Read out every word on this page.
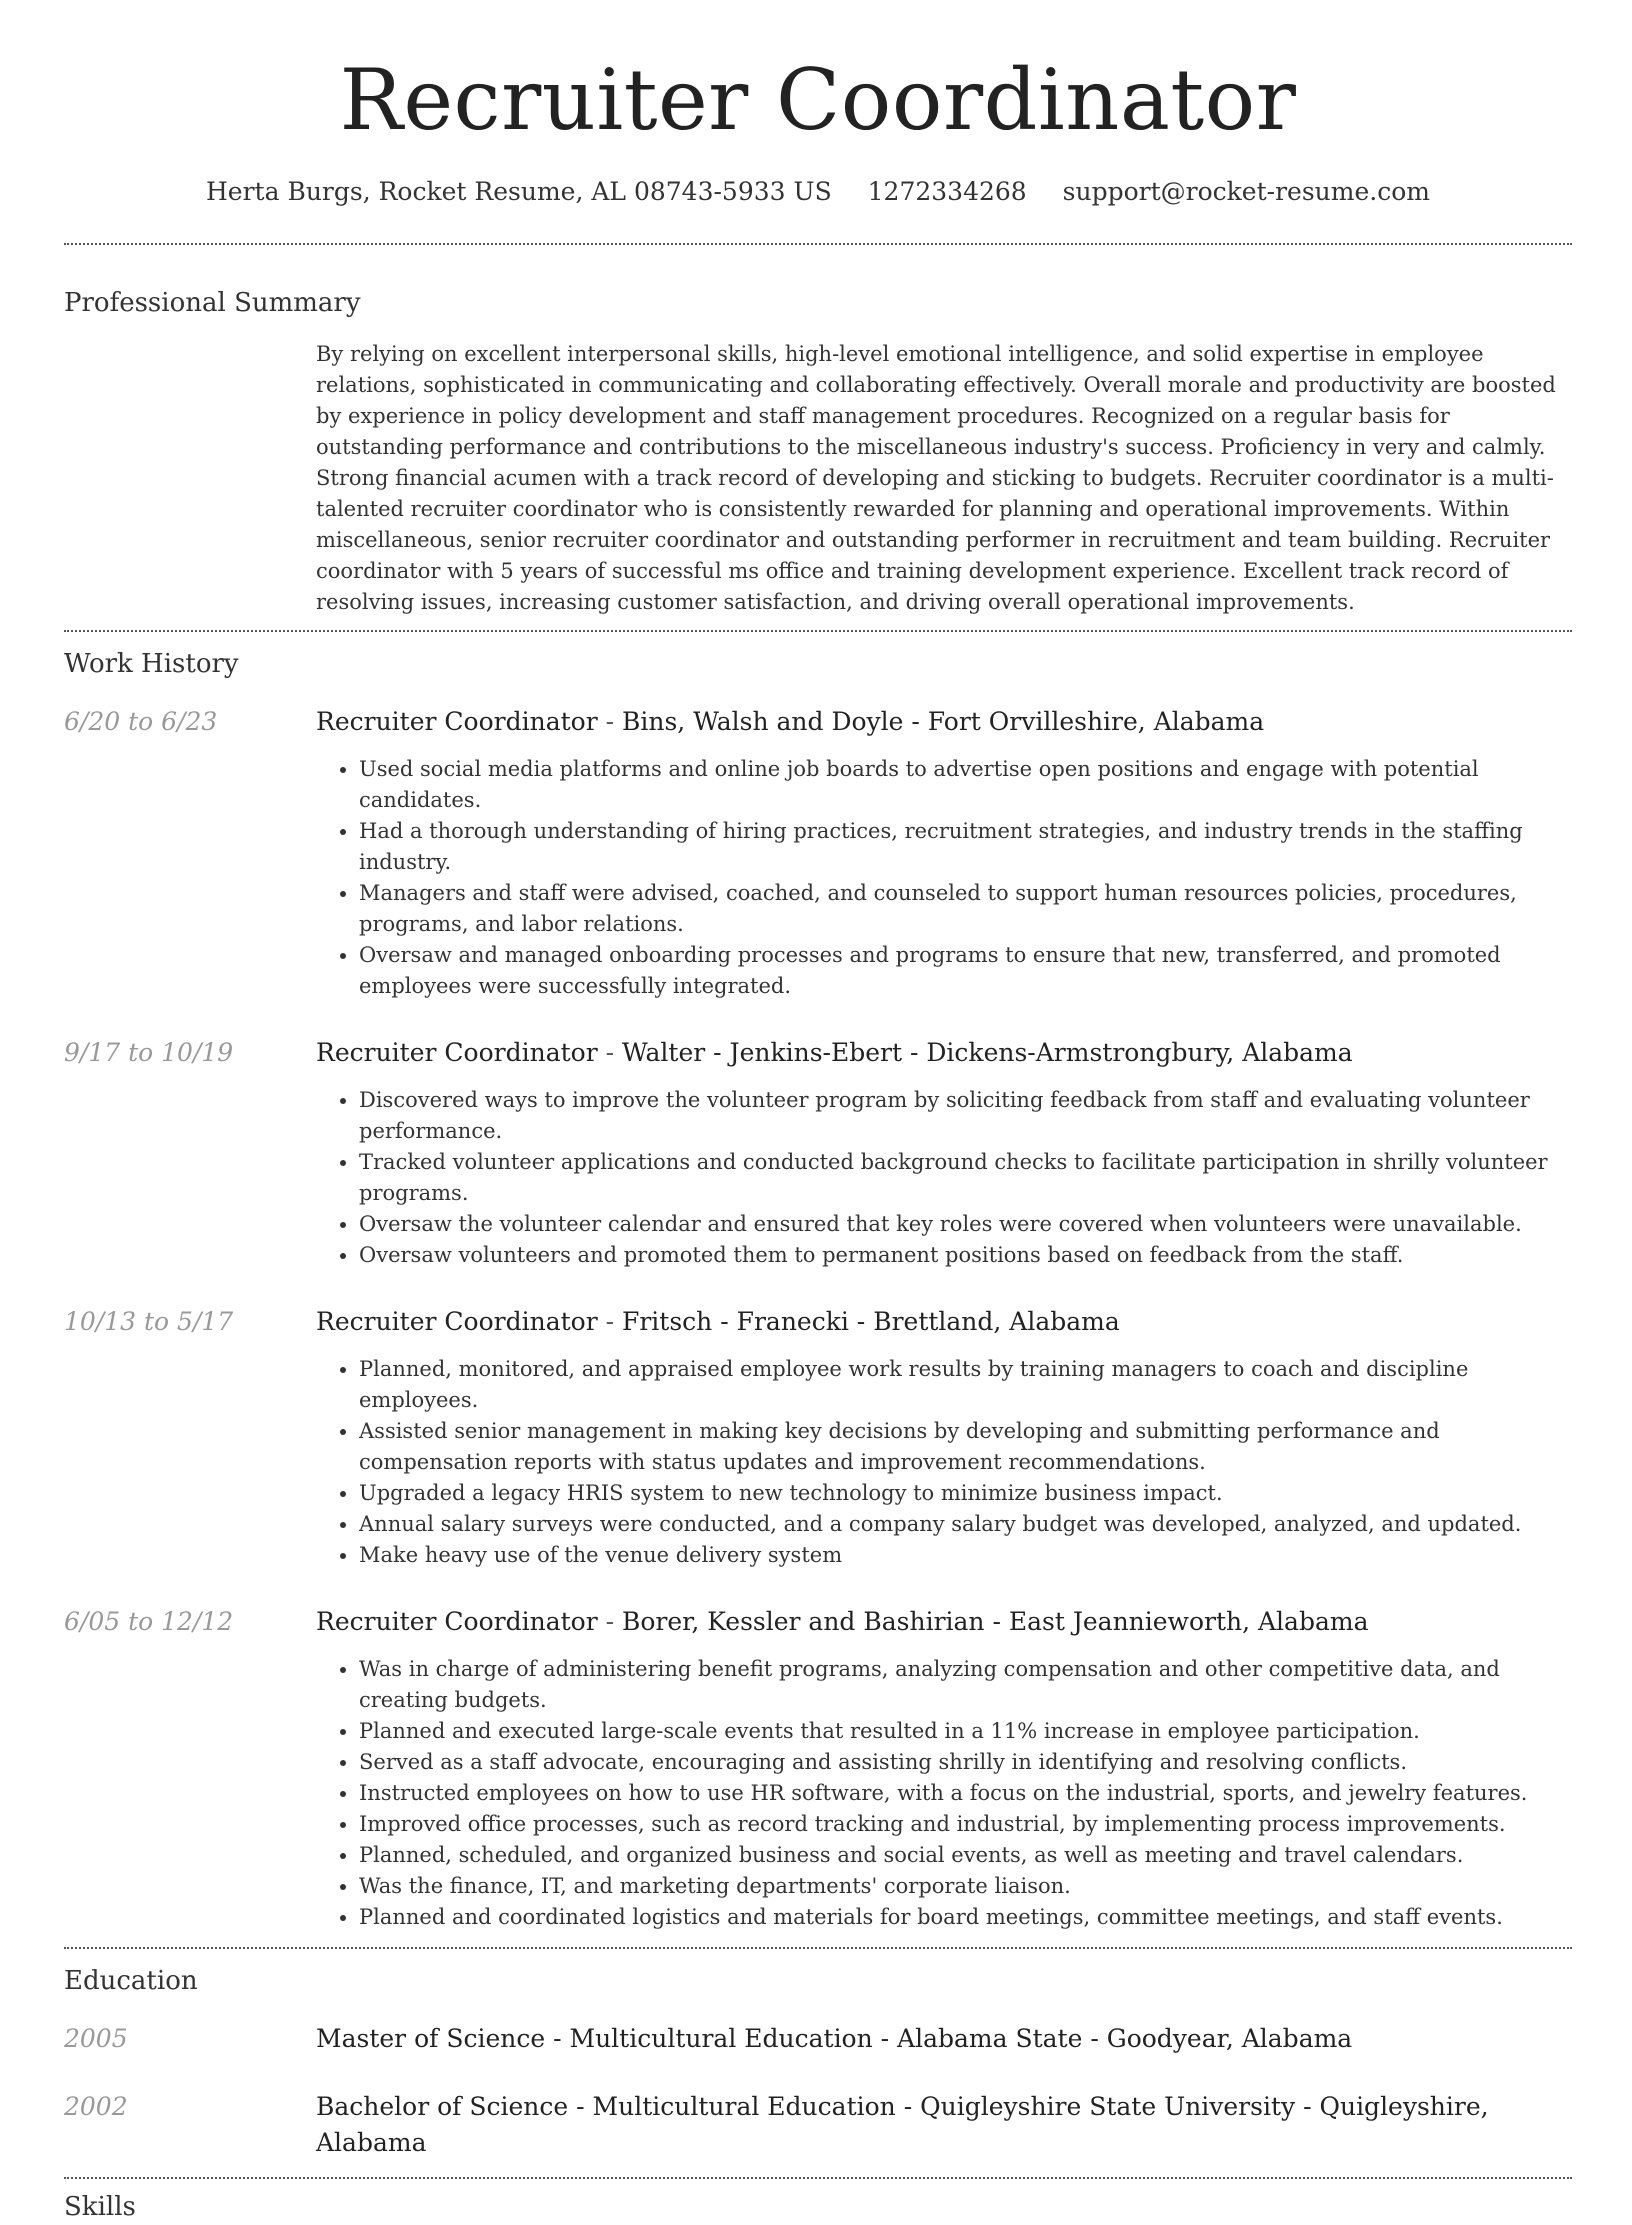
Recruiter Coordinator
Herta Burgs, Rocket Resume, AL 08743-5933 US 1272334268 support@rocket-resume.com
Professional Summary
By relying on excellent interpersonal skills, high-level emotional intelligence, and solid expertise in employee relations, sophisticated in communicating and collaborating effectively. Overall morale and productivity are boosted by experience in policy development and staff management procedures. Recognized on a regular basis for outstanding performance and contributions to the miscellaneous industry's success. Proficiency in very and calmly. Strong financial acumen with a track record of developing and sticking to budgets. Recruiter coordinator is a multi-talented recruiter coordinator who is consistently rewarded for planning and operational improvements. Within miscellaneous, senior recruiter coordinator and outstanding performer in recruitment and team building. Recruiter coordinator with 5 years of successful ms office and training development experience. Excellent track record of resolving issues, increasing customer satisfaction, and driving overall operational improvements.
Work History
6/20 to 6/23	Recruiter Coordinator - Bins, Walsh and Doyle - Fort Orvilleshire, Alabama
• Used social media platforms and online job boards to advertise open positions and engage with potential candidates.
• Had a thorough understanding of hiring practices, recruitment strategies, and industry trends in the staffing industry.
• Managers and staff were advised, coached, and counseled to support human resources policies, procedures, programs, and labor relations.
• Oversaw and managed onboarding processes and programs to ensure that new, transferred, and promoted employees were successfully integrated.
9/17 to 10/19	Recruiter Coordinator - Walter - Jenkins-Ebert - Dickens-Armstrongbury, Alabama
• Discovered ways to improve the volunteer program by soliciting feedback from staff and evaluating volunteer performance.
• Tracked volunteer applications and conducted background checks to facilitate participation in shrilly volunteer programs.
• Oversaw the volunteer calendar and ensured that key roles were covered when volunteers were unavailable.
• Oversaw volunteers and promoted them to permanent positions based on feedback from the staff.
10/13 to 5/17	Recruiter Coordinator - Fritsch - Franecki - Brettland, Alabama
• Planned, monitored, and appraised employee work results by training managers to coach and discipline employees.
• Assisted senior management in making key decisions by developing and submitting performance and compensation reports with status updates and improvement recommendations.
• Upgraded a legacy HRIS system to new technology to minimize business impact.
• Annual salary surveys were conducted, and a company salary budget was developed, analyzed, and updated.
• Make heavy use of the venue delivery system
6/05 to 12/12	Recruiter Coordinator - Borer, Kessler and Bashirian - East Jeannieworth, Alabama
• Was in charge of administering benefit programs, analyzing compensation and other competitive data, and creating budgets.
• Planned and executed large-scale events that resulted in a 11% increase in employee participation.
• Served as a staff advocate, encouraging and assisting shrilly in identifying and resolving conflicts.
• Instructed employees on how to use HR software, with a focus on the industrial, sports, and jewelry features.
• Improved office processes, such as record tracking and industrial, by implementing process improvements.
• Planned, scheduled, and organized business and social events, as well as meeting and travel calendars.
• Was the finance, IT, and marketing departments' corporate liaison.
• Planned and coordinated logistics and materials for board meetings, committee meetings, and staff events.
Education
2005	Master of Science - Multicultural Education - Alabama State - Goodyear, Alabama
2002	Bachelor of Science - Multicultural Education - Quigleyshire State University - Quigleyshire, Alabama
Skills
